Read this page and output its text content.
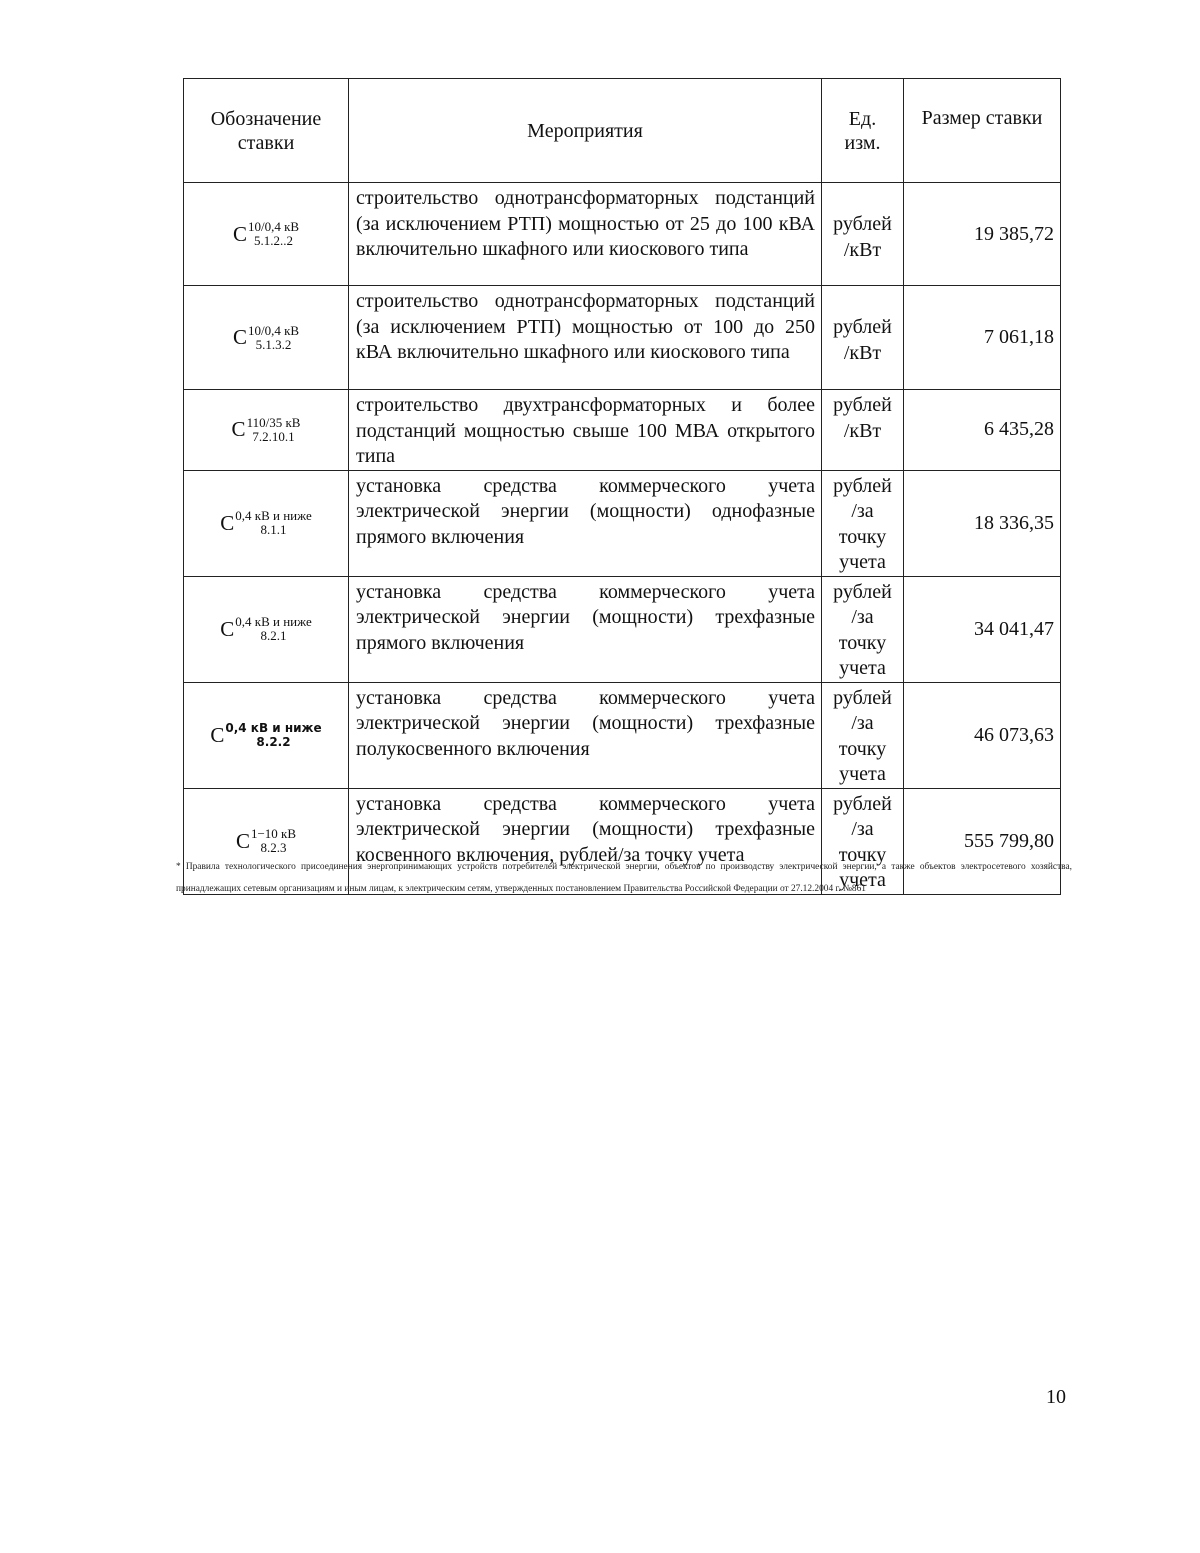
Обозначение ставки	Мероприятия	Ед. изм.	Размер ставки

C 10/0,4 кВ
5.1.2..2	строительство однотрансформаторных подстанций (за исключением РТП) мощностью от 25 до 100 кВА включительно шкафного или киоскового типа	рублей /кВт	19 385,72

C 10/0,4 кВ
5.1.3.2	строительство однотрансформаторных подстанций (за исключением РТП) мощностью от 100 до 250 кВА включительно шкафного или киоскового типа	рублей /кВт	7 061,18

C 110/35 кВ
7.2.10.1	строительство двухтрансформаторных и более подстанций мощностью свыше 100 МВА открытого типа	рублей /кВт	6 435,28

C 0,4 кВ и ниже
8.1.1	установка средства коммерческого учета электрической энергии (мощности) однофазные прямого включения	рублей /за точку учета	18 336,35

C 0,4 кВ и ниже
8.2.1	установка средства коммерческого учета электрической энергии (мощности) трехфазные прямого включения	рублей /за точку учета	34 041,47

C 0,4 кВ и ниже
8.2.2	установка средства коммерческого учета электрической энергии (мощности) трехфазные полукосвенного включения	рублей /за точку учета	46 073,63

C 1−10 кВ
8.2.3	установка средства коммерческого учета электрической энергии (мощности) трехфазные косвенного включения, рублей/за точку учета	рублей /за точку учета	555 799,80
* Правила технологического присоединения энергопринимающих устройств потребителей электрической энергии, объектов по производству электрической энергии, а также объектов электросетевого хозяйства, принадлежащих сетевым организациям и иным лицам, к электрическим сетям, утвержденных постановлением Правительства Российской Федерации от 27.12.2004 г. №861
10
